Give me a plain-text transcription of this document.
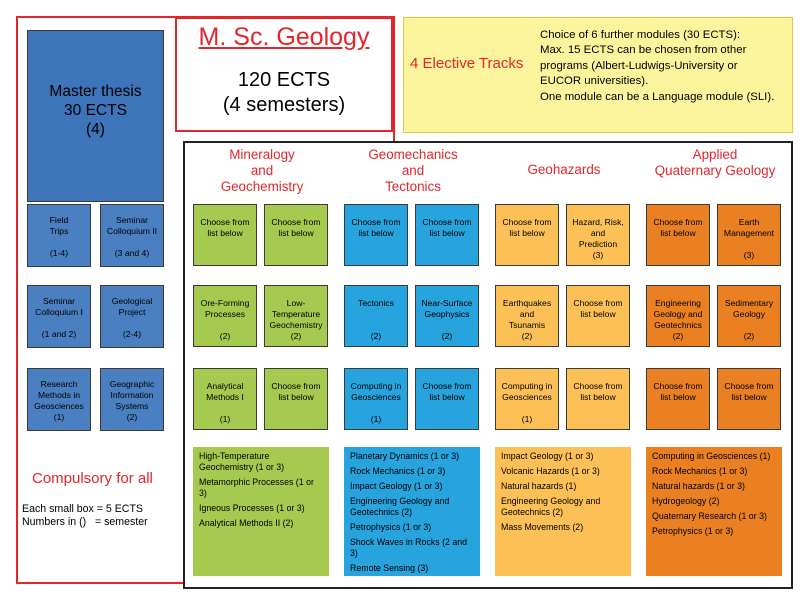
M. Sc. Geology
120 ECTS
(4 semesters)
Master thesis
30 ECTS
(4)
Field
Trips

(1-4)
Seminar
Colloquium II

(3 and 4)
Seminar
Colloquium I

(1 and 2)
Geological
Project

(2-4)
Research
Methods in
Geosciences
(1)
Geographic
Information
Systems
(2)
Compulsory for all
Each small box = 5 ECTS
Numbers in ()   = semester
4 Elective Tracks
Choice of 6 further modules (30 ECTS):
Max. 15 ECTS can be chosen from other
programs (Albert-Ludwigs-University or
EUCOR universities).
One module can be a Language module (SLI).
Mineralogy
and
Geochemistry
Choose from
list below
Choose from
list below
Ore-Forming
Processes

(2)
Low-
Temperature
Geochemistry
(2)
Analytical
Methods I

(1)
Choose from
list below
High-Temperature Geochemistry (1 or 3)
Metamorphic Processes (1 or 3)
Igneous Processes (1 or 3)
Analytical Methods II (2)
Geomechanics
and
Tectonics
Choose from
list below
Choose from
list below
Tectonics

(2)
Near-Surface
Geophysics

(2)
Computing in
Geosciences

(1)
Choose from
list below
Planetary Dynamics (1 or 3)
Rock Mechanics (1 or 3)
Impact Geology (1 or 3)
Engineering Geology and Geotechnics (2)
Petrophysics (1 or 3)
Shock Waves in Rocks (2 and 3)
Remote Sensing (3)
Geohazards
Choose from
list below
Hazard, Risk,
and
Prediction
(3)
Earthquakes
and
Tsunamis
(2)
Choose from
list below
Computing in
Geosciences

(1)
Choose from
list below
Impact Geology (1 or 3)
Volcanic Hazards (1 or 3)
Natural hazards (1)
Engineering Geology and Geotechnics (2)
Mass Movements (2)
Applied
Quaternary Geology
Choose from
list below
Earth
Management

(3)
Engineering
Geology and
Geotechnics
(2)
Sedimentary
Geology

(2)
Choose from
list below
Choose from
list below
Computing in Geosciences (1)
Rock Mechanics (1 or 3)
Natural hazards (1 or 3)
Hydrogeology (2)
Quaternary Research (1 or 3)
Petrophysics (1 or 3)
